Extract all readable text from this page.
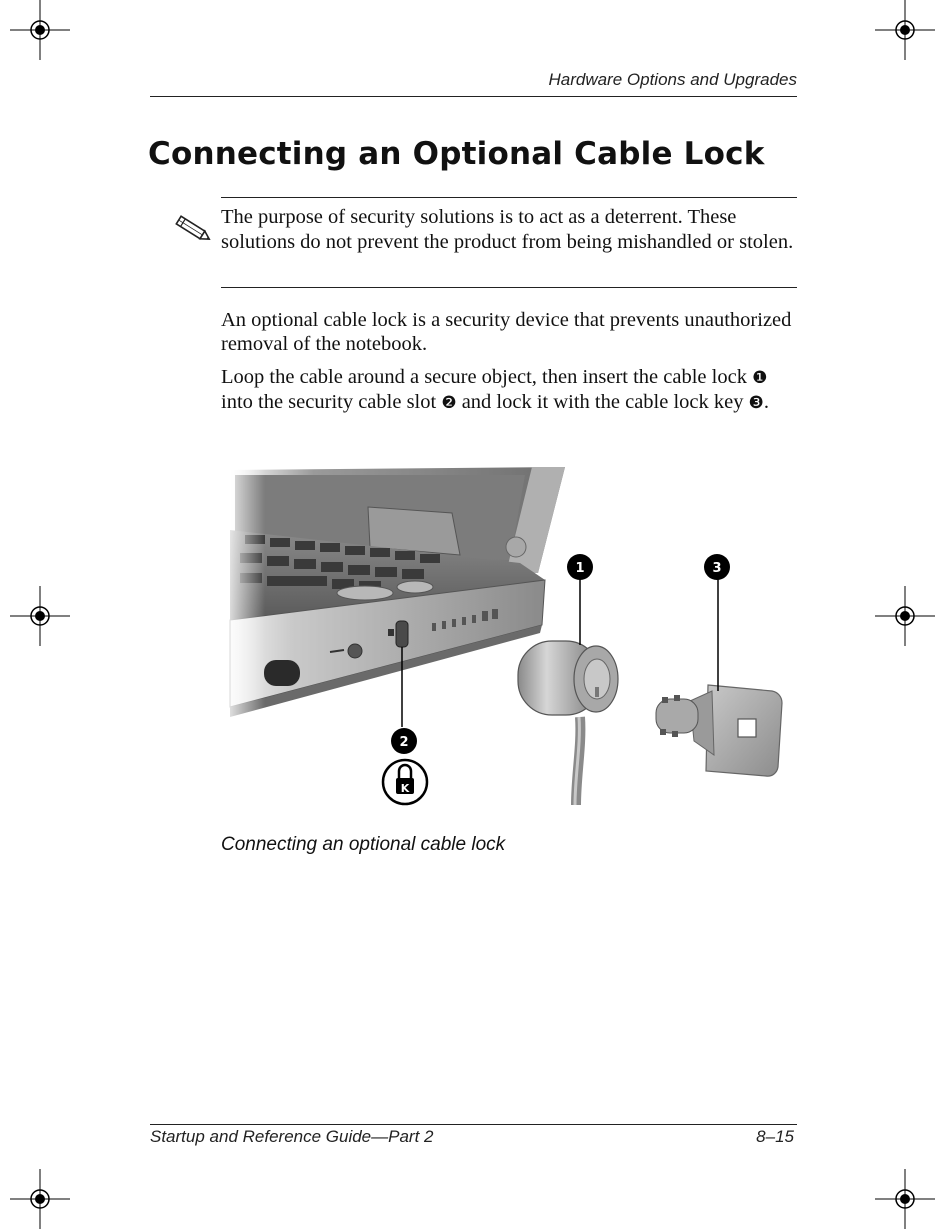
Hardware Options and Upgrades
Connecting an Optional Cable Lock

The purpose of security solutions is to act as a deterrent. These solutions do not prevent the product from being mishandled or stolen.

An optional cable lock is a security device that prevents unauthorized removal of the notebook.

Loop the cable around a secure object, then insert the cable lock ❶ into the security cable slot ❷ and lock it with the cable lock key ❸.

2
K
1	3
Connecting an optional cable lock
Startup and Reference Guide—Part 2	8–15
